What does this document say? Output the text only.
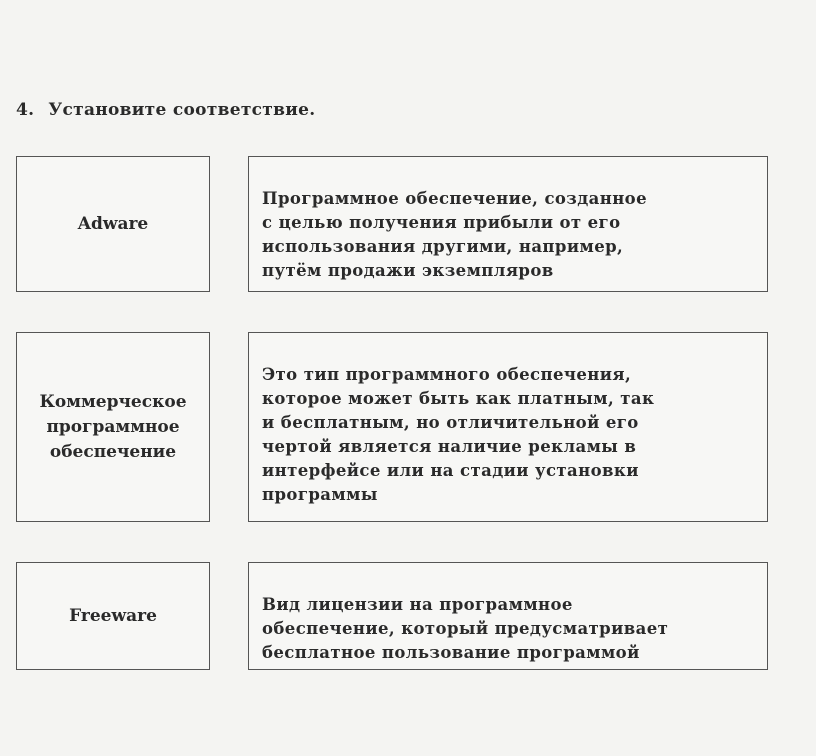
4. Установите соответствие.
Adware

Программное обеспечение, созданное
с целью получения прибыли от его
использования другими, например,
путём продажи экземпляров

Коммерческое
программное
обеспечение

Это тип программного обеспечения,
которое может быть как платным, так
и бесплатным, но отличительной его
чертой является наличие рекламы в
интерфейсе или на стадии установки
программы

Freeware

Вид лицензии на программное
обеспечение, который предусматривает
бесплатное пользование программой
